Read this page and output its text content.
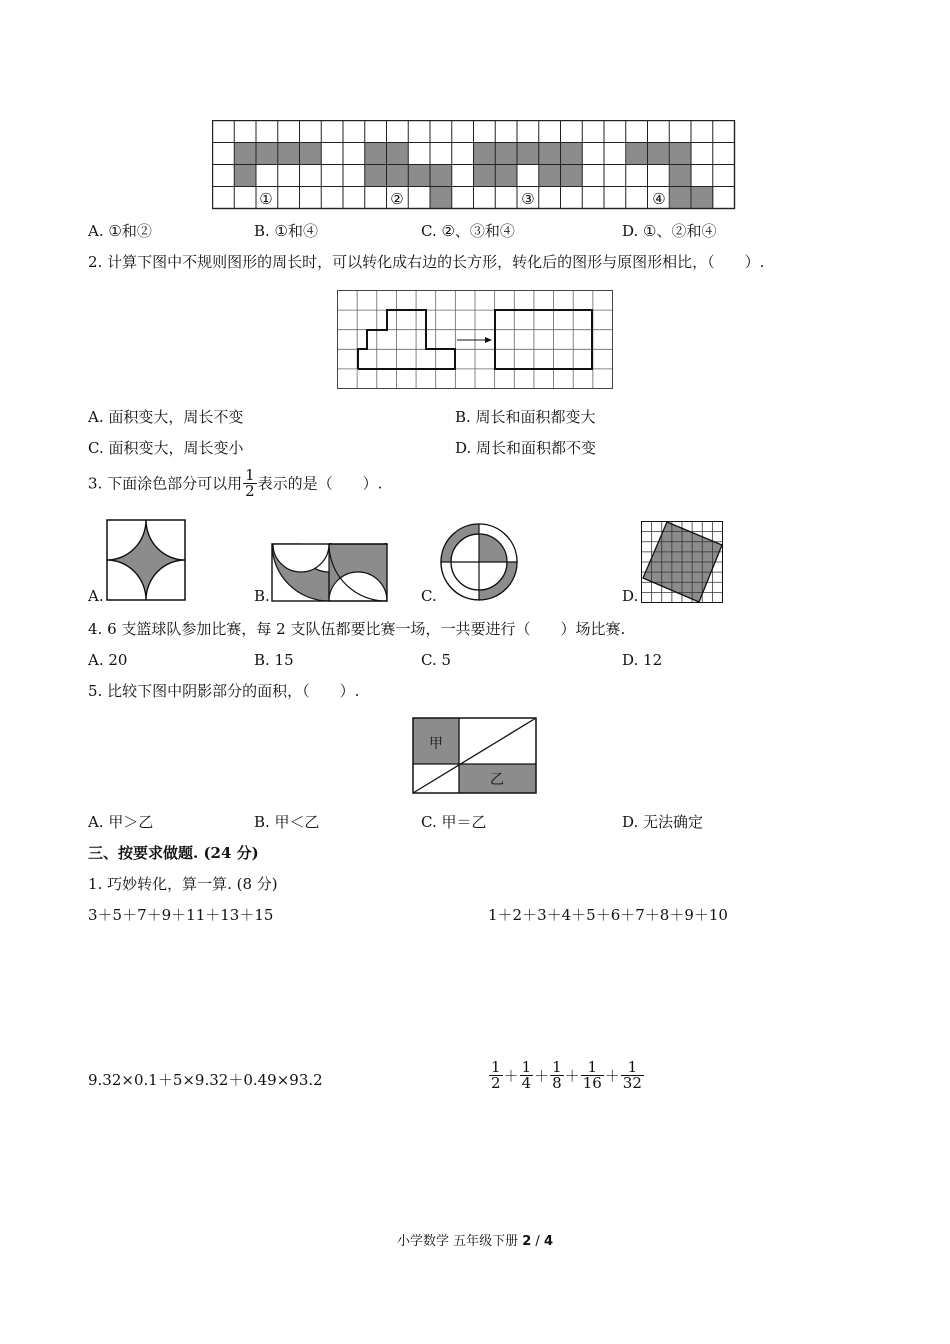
①	②	③	④
A. ①和②	B. ①和④	C. ②、③和④	D. ①、②和④
2. 计算下图中不规则图形的周长时，可以转化成右边的长方形，转化后的图形与原图形相比，（　　）.
A. 面积变大，周长不变	B. 周长和面积都变大
C. 面积变大，周长变小	D. 周长和面积都不变
3. 下面涂色部分可以用 $\frac{1}{2}$ 表示的是（　　）.
A.	B.	C.	D.
4. 6 支篮球队参加比赛，每 2 支队伍都要比赛一场，一共要进行（　　）场比赛.
A. 20	B. 15	C. 5	D. 12
5. 比较下图中阴影部分的面积，（　　）.
甲
乙
A. 甲＞乙	B. 甲＜乙	C. 甲＝乙	D. 无法确定
三、按要求做题. (24 分)
1. 巧妙转化，算一算. (8 分)
3＋5＋7＋9＋11＋13＋15	1＋2＋3＋4＋5＋6＋7＋8＋9＋10
9.32×0.1＋5×9.32＋0.49×93.2	$\frac{1}{2} + \frac{1}{4} + \frac{1}{8} + \frac{1}{16} + \frac{1}{32}$
小学数学 五年级下册 2 / 4
